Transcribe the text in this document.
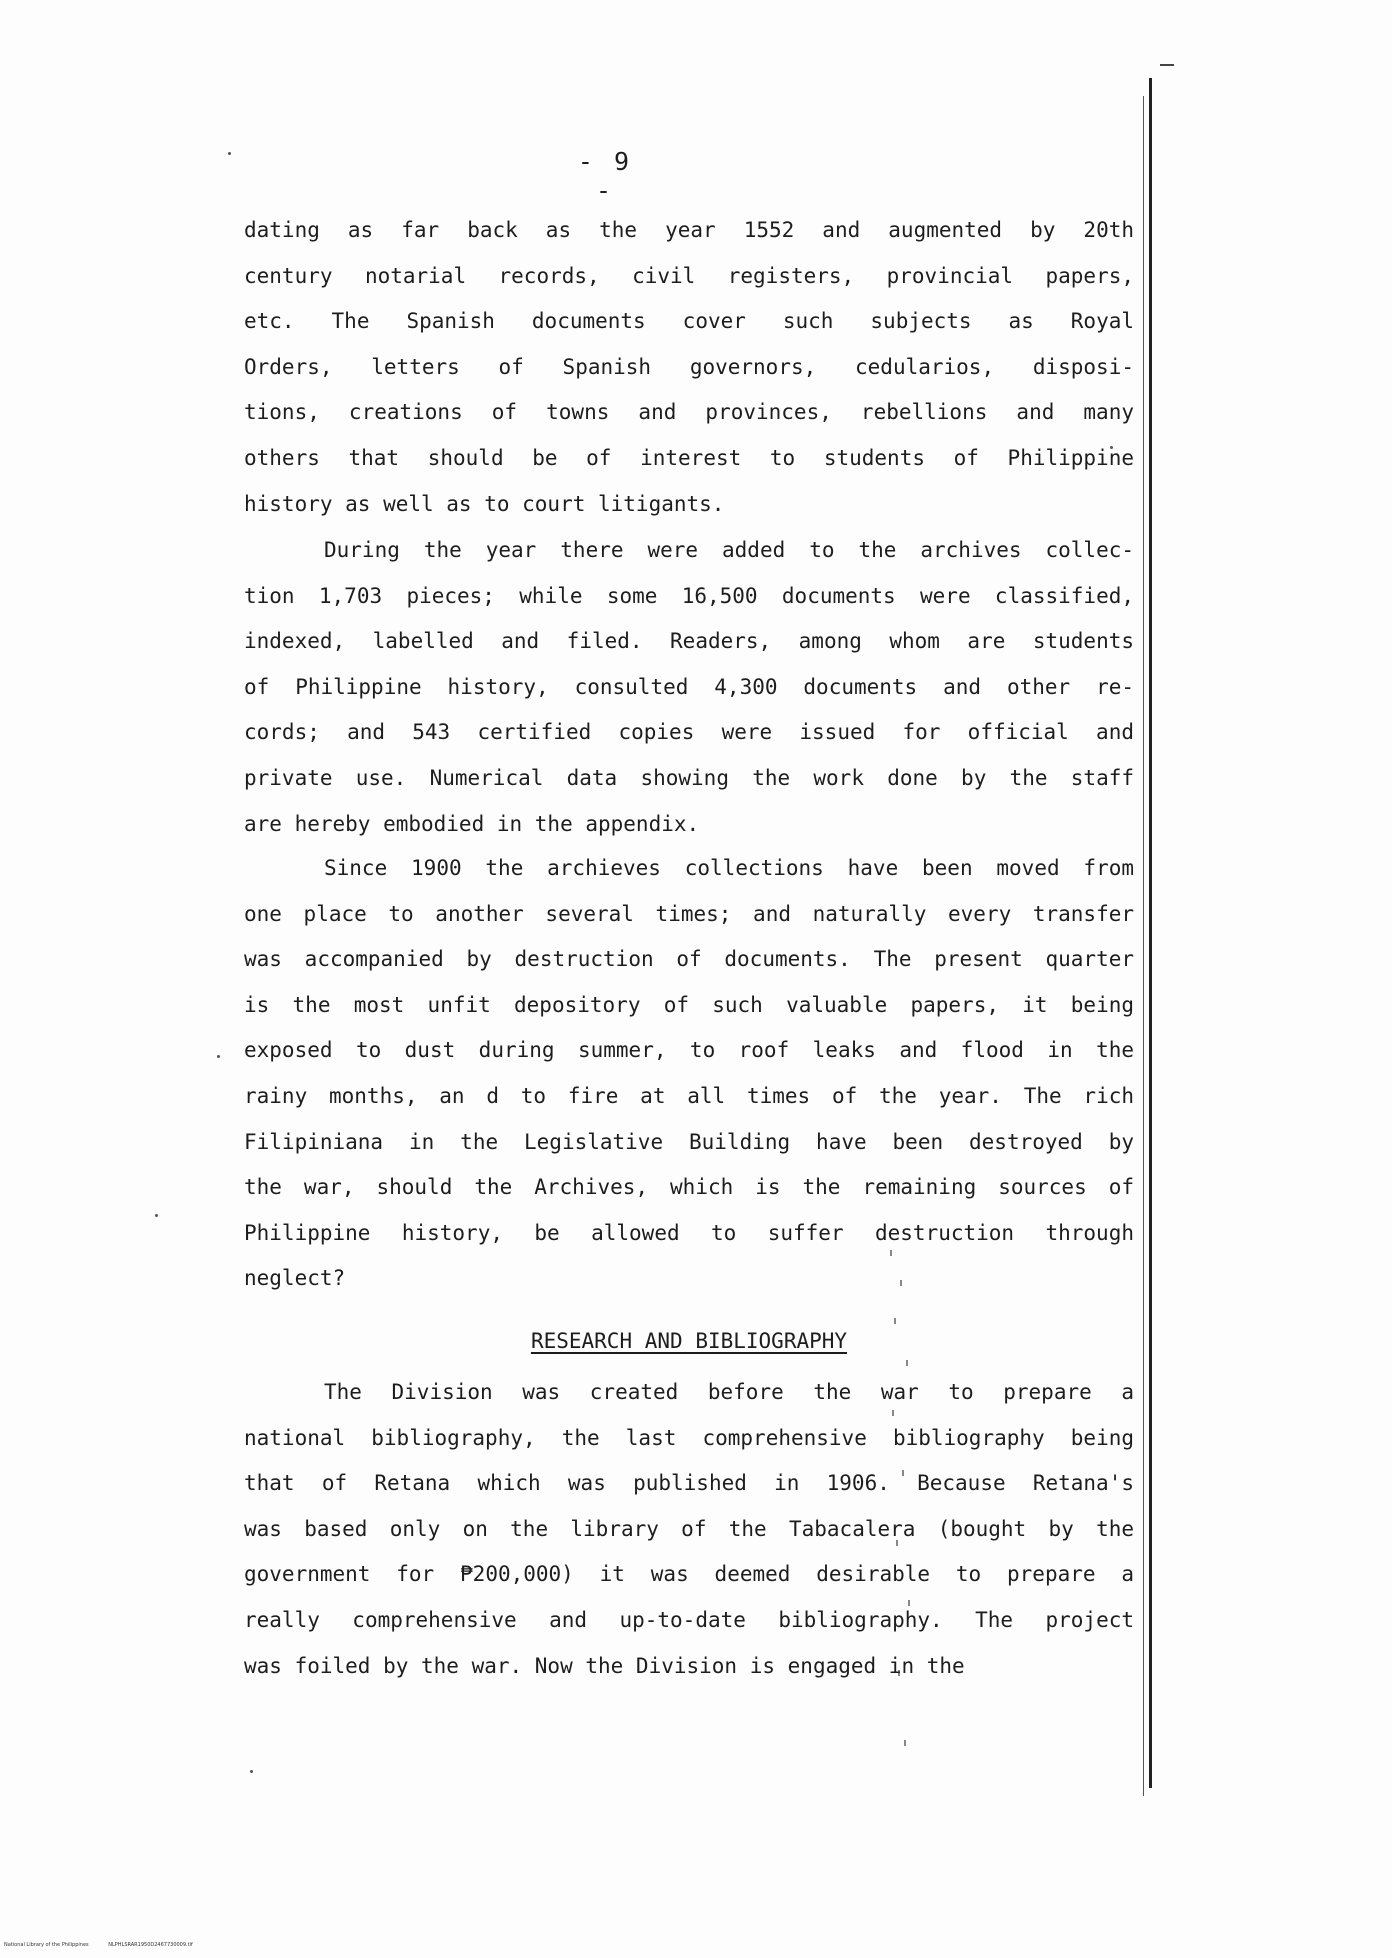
- 9 -
dating as far back as the year 1552 and augmented by 20th
century notarial records, civil registers, provincial papers,
etc. The Spanish documents cover such subjects as Royal
Orders, letters of Spanish governors, cedularios, disposi-
tions, creations of towns and provinces, rebellions and many
others that should be of interest to students of Philippine
history as well as to court litigants.
During the year there were added to the archives collec-
tion 1,703 pieces; while some 16,500 documents were classified,
indexed, labelled and filed. Readers, among whom are students
of Philippine history, consulted 4,300 documents and other re-
cords; and 543 certified copies were issued for official and
private use. Numerical data showing the work done by the staff
are hereby embodied in the appendix.
Since 1900 the archieves collections have been moved from
one place to another several times; and naturally every transfer
was accompanied by destruction of documents. The present quarter
is the most unfit depository of such valuable papers, it being
exposed to dust during summer, to roof leaks and flood in the
rainy months, an d to fire at all times of the year. The rich
Filipiniana in the Legislative Building have been destroyed by
the war, should the Archives, which is the remaining sources of
Philippine history, be allowed to suffer destruction through
neglect?
RESEARCH AND BIBLIOGRAPHY
The Division was created before the war to prepare a
national bibliography, the last comprehensive bibliography being
that of Retana which was published in 1906. Because Retana's
was based only on the library of the Tabacalera (bought by the
government for ₱200,000) it was deemed desirable to prepare a
really comprehensive and up-to-date bibliography. The project
was foiled by the war. Now the Division is engaged in the
National Library of the Philippines	NLPHLSRAR1950D2467730009.tif
